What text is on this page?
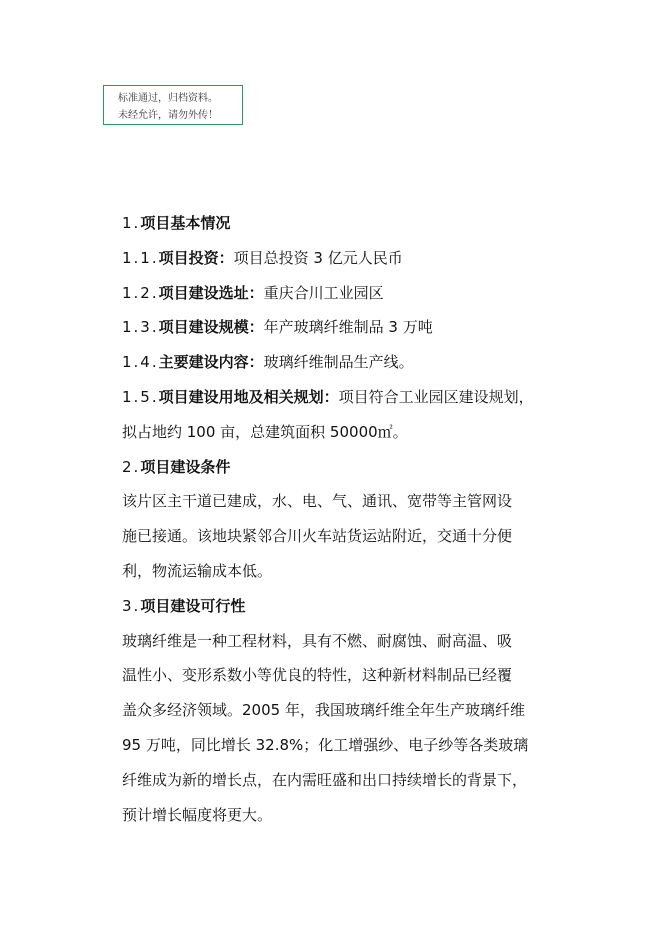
标准通过，归档资料。
未经允许，请勿外传！
1.项目基本情况
1.1.项目投资：项目总投资 3 亿元人民币
1.2.项目建设选址：重庆合川工业园区
1.3.项目建设规模：年产玻璃纤维制品 3 万吨
1.4.主要建设内容：玻璃纤维制品生产线。
1.5.项目建设用地及相关规划：项目符合工业园区建设规划，
拟占地约 100 亩，总建筑面积 50000㎡。
2.项目建设条件
该片区主干道已建成，水、电、气、通讯、宽带等主管网设
施已接通。该地块紧邻合川火车站货运站附近，交通十分便
利，物流运输成本低。
3.项目建设可行性
玻璃纤维是一种工程材料，具有不燃、耐腐蚀、耐高温、吸
温性小、变形系数小等优良的特性，这种新材料制品已经覆
盖众多经济领域。2005 年，我国玻璃纤维全年生产玻璃纤维
95 万吨，同比增长 32.8%；化工增强纱、电子纱等各类玻璃
纤维成为新的增长点，在内需旺盛和出口持续增长的背景下，
预计增长幅度将更大。
